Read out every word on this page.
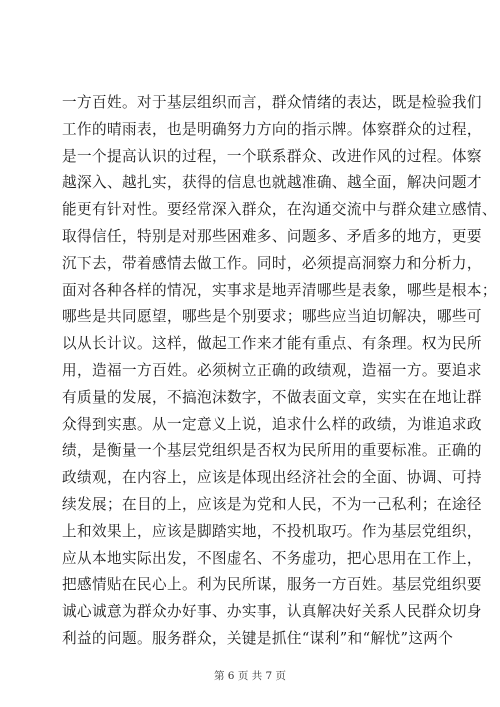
一方百姓。对于基层组织而言，群众情绪的表达，既是检验我们
工作的晴雨表，也是明确努力方向的指示牌。体察群众的过程，
是一个提高认识的过程，一个联系群众、改进作风的过程。体察
越深入、越扎实，获得的信息也就越准确、越全面，解决问题才
能更有针对性。要经常深入群众，在沟通交流中与群众建立感情、
取得信任，特别是对那些困难多、问题多、矛盾多的地方，更要
沉下去，带着感情去做工作。同时，必须提高洞察力和分析力，
面对各种各样的情况，实事求是地弄清哪些是表象，哪些是根本；
哪些是共同愿望，哪些是个别要求；哪些应当迫切解决，哪些可
以从长计议。这样，做起工作来才能有重点、有条理。权为民所
用，造福一方百姓。必须树立正确的政绩观，造福一方。要追求
有质量的发展，不搞泡沫数字，不做表面文章，实实在在地让群
众得到实惠。从一定意义上说，追求什么样的政绩，为谁追求政
绩，是衡量一个基层党组织是否权为民所用的重要标准。正确的
政绩观，在内容上，应该是体现出经济社会的全面、协调、可持
续发展；在目的上，应该是为党和人民，不为一己私利；在途径
上和效果上，应该是脚踏实地，不投机取巧。作为基层党组织，
应从本地实际出发，不图虚名、不务虚功，把心思用在工作上，
把感情贴在民心上。利为民所谋，服务一方百姓。基层党组织要
诚心诚意为群众办好事、办实事，认真解决好关系人民群众切身
利益的问题。服务群众，关键是抓住“谋利”和“解忧”这两个
第 6 页 共 7 页
